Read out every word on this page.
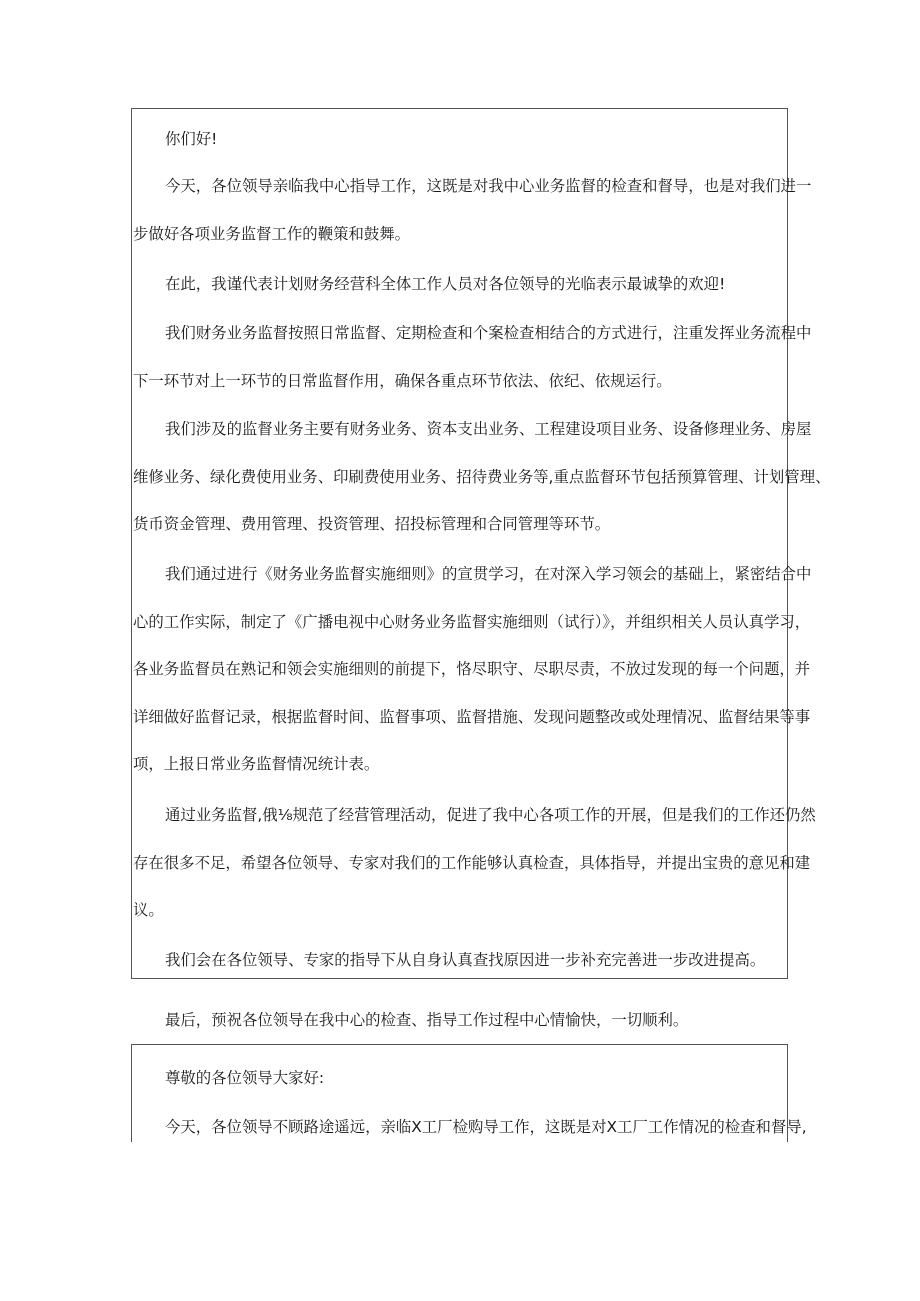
你们好!

今天，各位领导亲临我中心指导工作，这既是对我中心业务监督的检查和督导，也是对我们进一
步做好各项业务监督工作的鞭策和鼓舞。

在此，我谨代表计划财务经营科全体工作人员对各位领导的光临表示最诚挚的欢迎!

我们财务业务监督按照日常监督、定期检查和个案检查相结合的方式进行，注重发挥业务流程中
下一环节对上一环节的日常监督作用，确保各重点环节依法、依纪、依规运行。

我们涉及的监督业务主要有财务业务、资本支出业务、工程建设项目业务、设备修理业务、房屋
维修业务、绿化费使用业务、印刷费使用业务、招待费业务等,重点监督环节包括预算管理、计划管理、
货币资金管理、费用管理、投资管理、招投标管理和合同管理等环节。

我们通过进行《财务业务监督实施细则》的宣贯学习，在对深入学习领会的基础上，紧密结合中
心的工作实际，制定了《广播电视中心财务业务监督实施细则（试行）》，并组织相关人员认真学习，
各业务监督员在熟记和领会实施细则的前提下，恪尽职守、尽职尽责，不放过发现的每一个问题，并
详细做好监督记录，根据监督时间、监督事项、监督措施、发现问题整改或处理情况、监督结果等事
项，上报日常业务监督情况统计表。

通过业务监督,俄⅛规范了经营管理活动，促进了我中心各项工作的开展，但是我们的工作还仍然
存在很多不足，希望各位领导、专家对我们的工作能够认真检查，具体指导，并提出宝贵的意见和建
议。

我们会在各位领导、专家的指导下从自身认真查找原因进一步补充完善进一步改进提高。

最后，预祝各位领导在我中心的检查、指导工作过程中心情愉快，一切顺利。

尊敬的各位领导大家好:

今天，各位领导不顾路途遥远，亲临X工厂检购导工作，这既是对X工厂工作情况的检查和督导,
